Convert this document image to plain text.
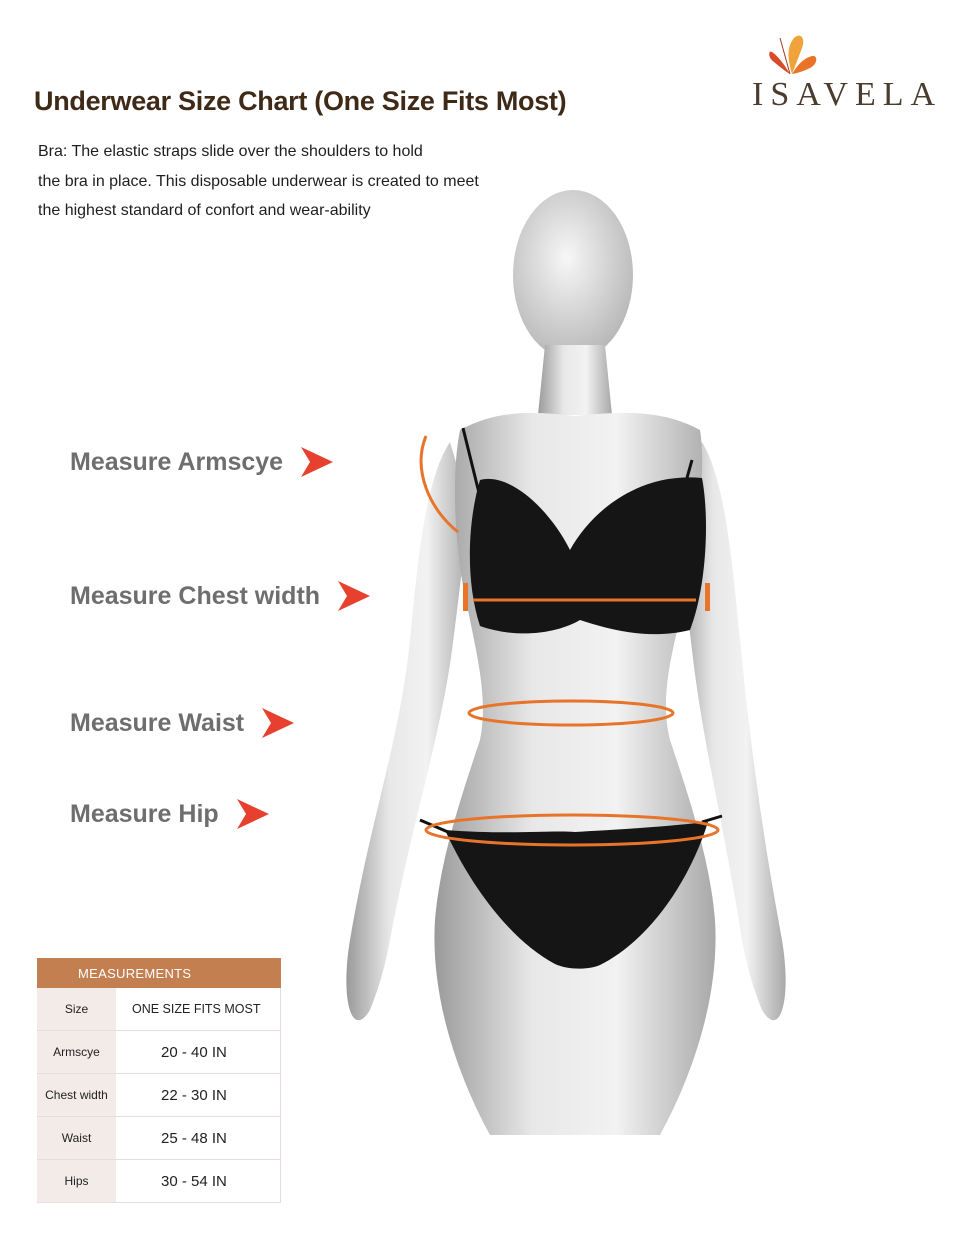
Underwear Size Chart (One Size Fits Most)
Bra: The elastic straps slide over the shoulders to hold
the bra in place. This disposable underwear is created to meet
the highest standard of confort and wear-ability
ISAVELA
Measure Armscye
Measure Chest width
Measure Waist
Measure Hip
MEASUREMENTS
Size	ONE SIZE FITS MOST
Armscye	20 - 40 IN
Chest width	22 - 30 IN
Waist	25 - 48 IN
Hips	30 - 54 IN
